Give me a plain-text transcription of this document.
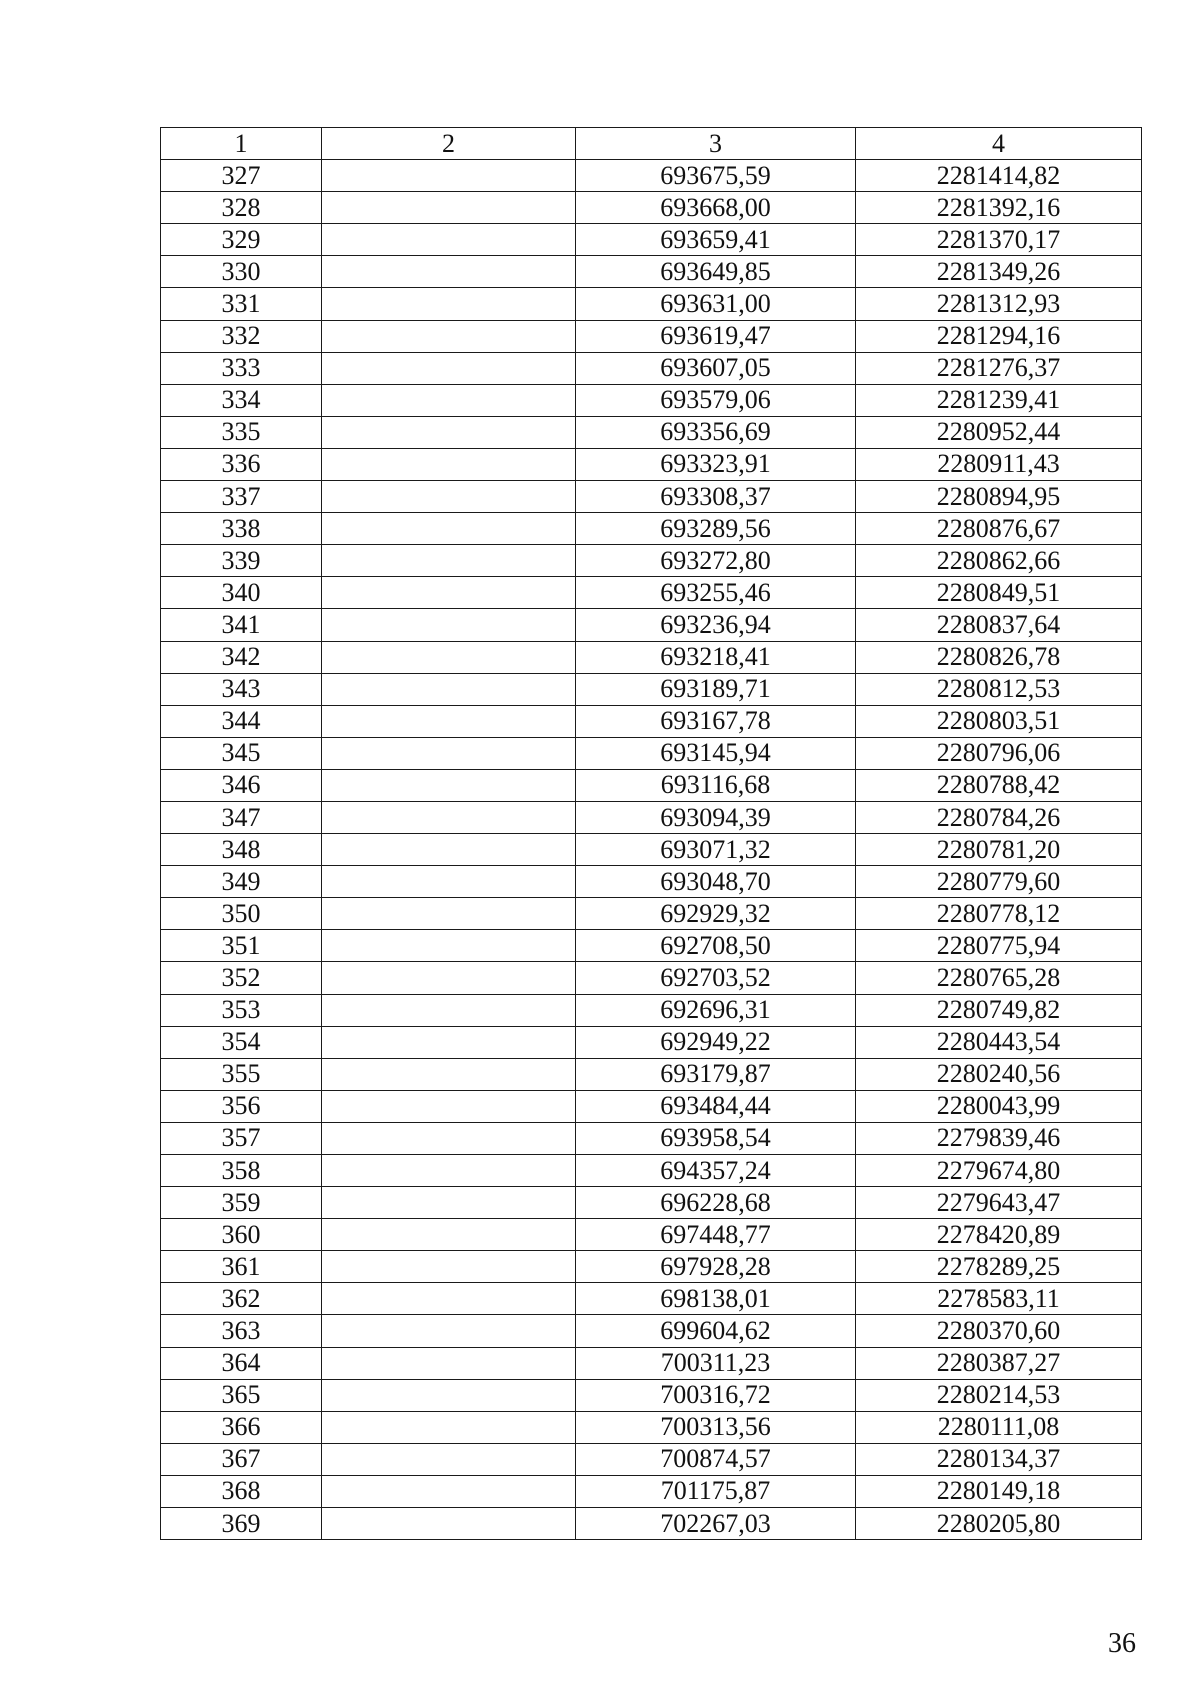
1	2	3	4
327		693675,59	2281414,82
328		693668,00	2281392,16
329		693659,41	2281370,17
330		693649,85	2281349,26
331		693631,00	2281312,93
332		693619,47	2281294,16
333		693607,05	2281276,37
334		693579,06	2281239,41
335		693356,69	2280952,44
336		693323,91	2280911,43
337		693308,37	2280894,95
338		693289,56	2280876,67
339		693272,80	2280862,66
340		693255,46	2280849,51
341		693236,94	2280837,64
342		693218,41	2280826,78
343		693189,71	2280812,53
344		693167,78	2280803,51
345		693145,94	2280796,06
346		693116,68	2280788,42
347		693094,39	2280784,26
348		693071,32	2280781,20
349		693048,70	2280779,60
350		692929,32	2280778,12
351		692708,50	2280775,94
352		692703,52	2280765,28
353		692696,31	2280749,82
354		692949,22	2280443,54
355		693179,87	2280240,56
356		693484,44	2280043,99
357		693958,54	2279839,46
358		694357,24	2279674,80
359		696228,68	2279643,47
360		697448,77	2278420,89
361		697928,28	2278289,25
362		698138,01	2278583,11
363		699604,62	2280370,60
364		700311,23	2280387,27
365		700316,72	2280214,53
366		700313,56	2280111,08
367		700874,57	2280134,37
368		701175,87	2280149,18
369		702267,03	2280205,80
36
